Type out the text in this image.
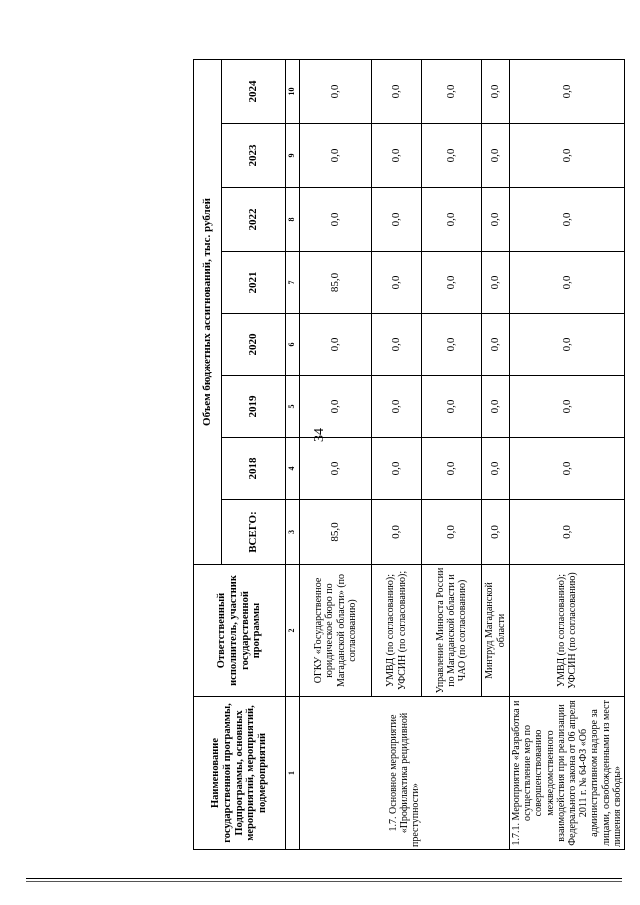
34
Наименование государственной программы, Подпрограммы, основных мероприятий, мероприятий, подмероприятий	Ответственный исполнитель, участник государственной программы	Объем бюджетных ассигнований, тыс. рублей							
		ВСЕГО:	2018	2019	2020	2021	2022	2023	2024
1	2	3	4	5	6	7	8	9	10
1.7. Основное мероприятие «Профилактика рецидивной преступности»	ОГКУ «Государственное юридическое бюро по Магаданской области» (по согласованию)	85,0	0,0	0,0	0,0	85,0	0,0	0,0	0,0
	УМВД (по согласованию); УФСИН (по согласованию);	0,0	0,0	0,0	0,0	0,0	0,0	0,0	0,0
	Управление Минюста России по Магаданской области и ЧАО (по согласованию)	0,0	0,0	0,0	0,0	0,0	0,0	0,0	0,0
	Минтруд Магаданской области	0,0	0,0	0,0	0,0	0,0	0,0	0,0	0,0
1.7.1. Мероприятие «Разработка и осуществление мер по совершенствованию межведомственного взаимодействия при реализации Федерального закона от 06 апреля 2011 г. № 64-ФЗ «Об административном надзоре за лицами, освобожденными из мест лишения свободы»	УМВД (по согласованию); УФСИН (по согласованию)	0,0	0,0	0,0	0,0	0,0	0,0	0,0	0,0
